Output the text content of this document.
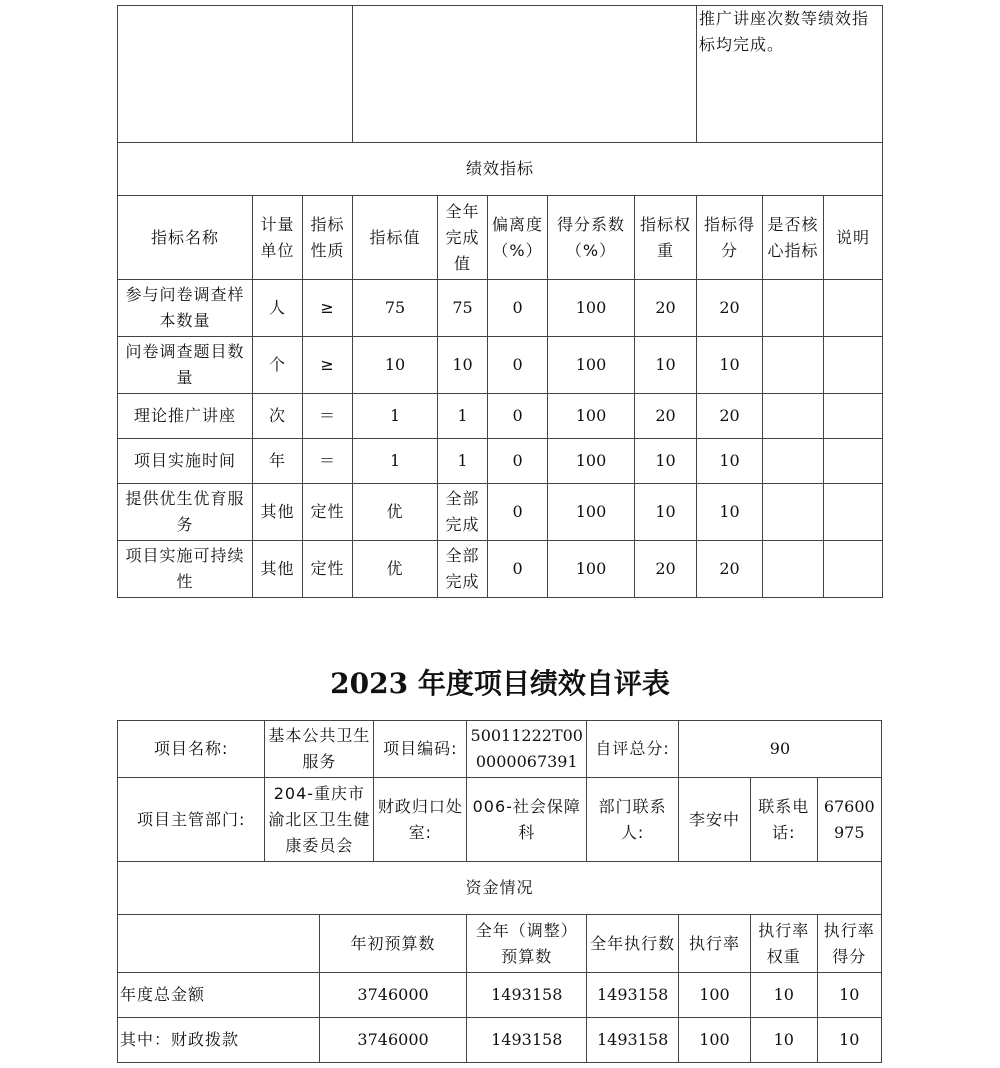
								推广讲座次数等绩效指标均完成。		
绩效指标										
指标名称	计量单位	指标性质	指标值	全年完成值	偏离度（%）	得分系数（%）	指标权重	指标得分	是否核心指标	说明
参与问卷调查样本数量	人	≥	75	75	0	100	20	20		
问卷调查题目数量	个	≥	10	10	0	100	10	10		
理论推广讲座	次	＝	1	1	0	100	20	20		
项目实施时间	年	＝	1	1	0	100	10	10		
提供优生优育服务	其他	定性	优	全部完成	0	100	10	10		
项目实施可持续性	其他	定性	优	全部完成	0	100	20	20		
2023 年度项目绩效自评表
项目名称:	基本公共卫生服务		项目编码:	50011222T000000067391	自评总分:	90		
项目主管部门:	204-重庆市渝北区卫生健康委员会		财政归口处室:	006-社会保障科	部门联系人:	李安中	联系电话:	67600975
资金情况								
		年初预算数		全年（调整）预算数	全年执行数	执行率	执行率权重	执行率得分
年度总金额		3746000		1493158	1493158	100	10	10
其中：财政拨款		3746000		1493158	1493158	100	10	10
